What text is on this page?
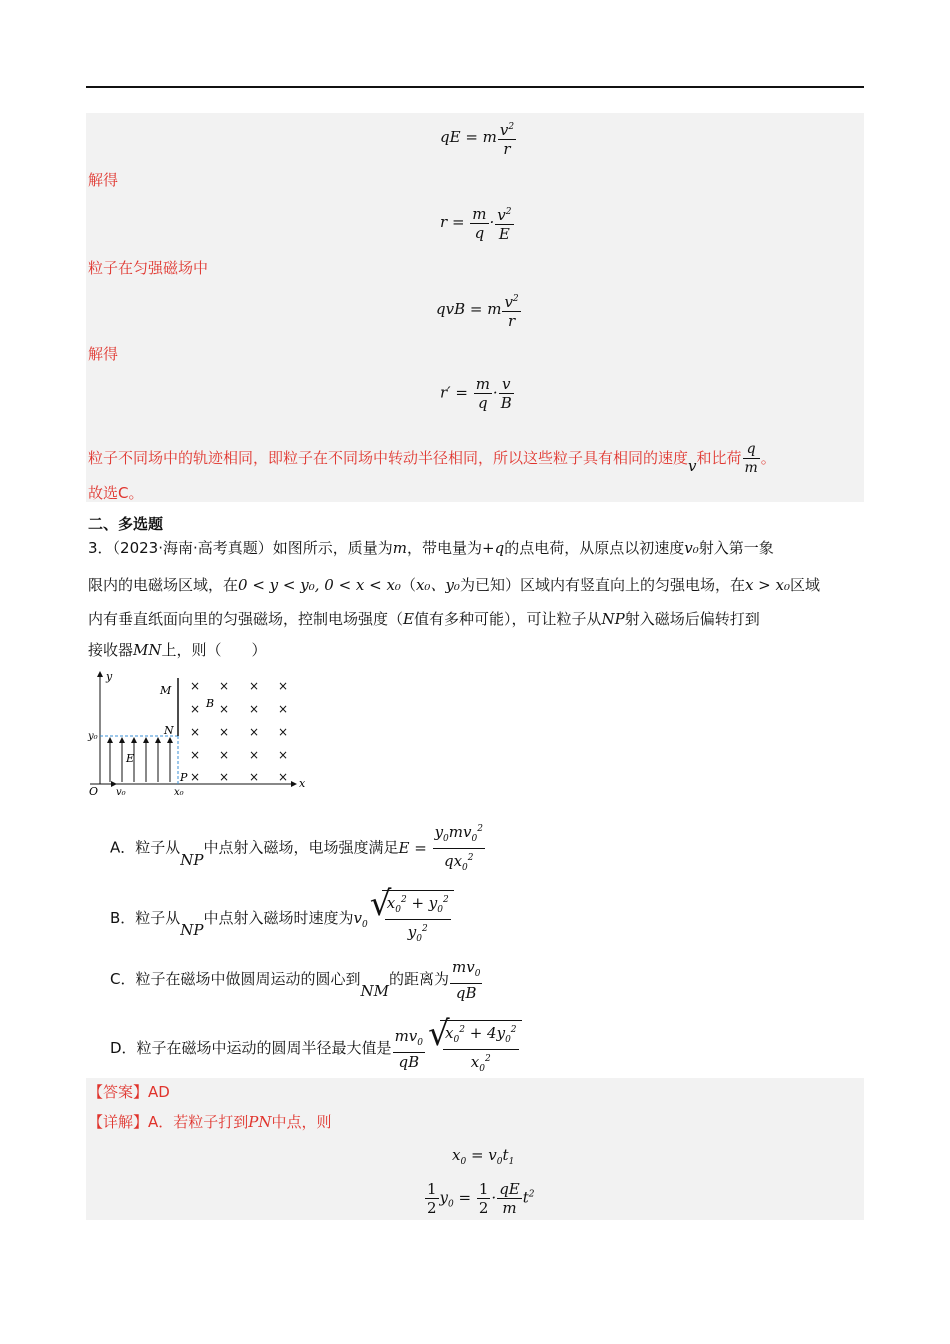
qE = m $\frac{v^2}{r}$
解得
$r = \frac{m}{q} \cdot \frac{v^2}{E}$
粒子在匀强磁场中
qvB = m $\frac{v^2}{r}$
解得
$r' = \frac{m}{q} \cdot \frac{v}{B}$
粒子不同场中的轨迹相同，即粒子在不同场中转动半径相同，所以这些粒子具有相同的速度v和比荷 $\frac{q}{m}$ 。
故选C。
二、多选题
3．（2023·海南·高考真题）如图所示，质量为m，带电量为+q的点电荷，从原点以初速度v₀射入第一象
限内的电磁场区域，在0 < y < y₀, 0 < x < x₀（x₀、y₀为已知）区域内有竖直向上的匀强电场，在x > x₀区域
内有垂直纸面向里的匀强磁场，控制电场强度（E值有多种可能），可让粒子从NP射入磁场后偏转打到
接收器MN上，则（　　）
y
x
O v₀
y₀
x₀
E
M
N
P
B
× × × ×
× × × ×
× × × ×
× × × ×
× × × ×
A．粒子从NP中点射入磁场，电场强度满足$E = \frac{y_0mv_0^2}{qx_0^2}$
B．粒子从NP中点射入磁场时速度为$v_0$ √ $\frac{x_0^2 + y_0^2}{y_0^2}$
C．粒子在磁场中做圆周运动的圆心到NM的距离为 $\frac{mv_0}{qB}$
D．粒子在磁场中运动的圆周半径最大值是 $\frac{mv_0}{qB}$ √ $\frac{x_0^2 + 4y_0^2}{x_0^2}$
【答案】AD
【详解】A．若粒子打到PN中点，则
$x_0 = v_0t_1$
$\frac{1}{2} y_0 = \frac{1}{2} \cdot \frac{qE}{m} t^2$
